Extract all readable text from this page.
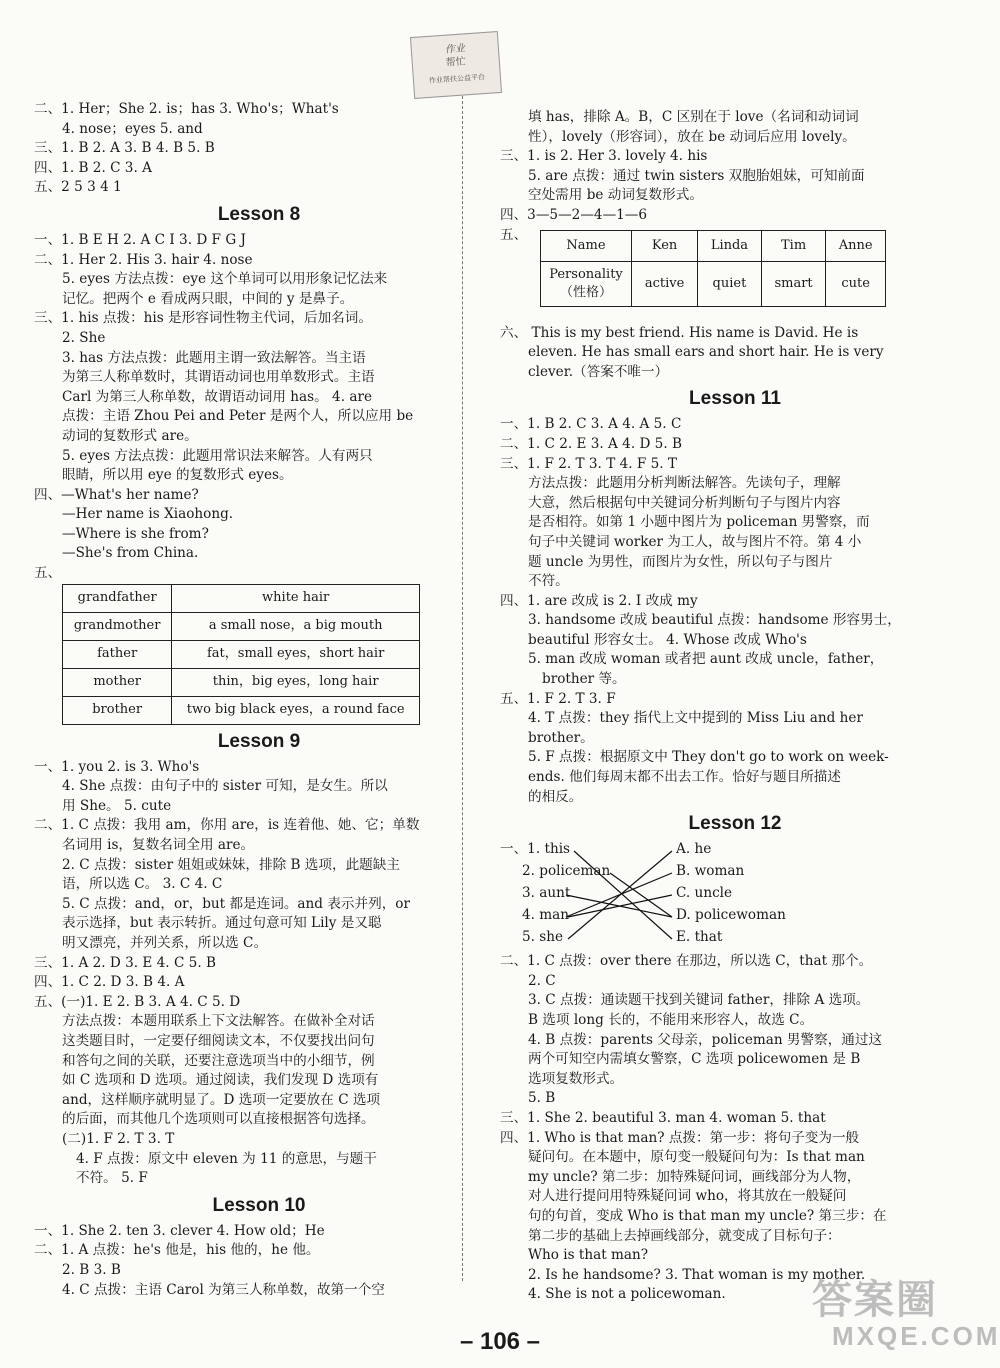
作业
帮忙
作业帮扶公益平台
二、1. Her；She 2. is；has 3. Who's；What's
4. nose；eyes 5. and
三、1. B 2. A 3. B 4. B 5. B
四、1. B 2. C 3. A
五、2 5 3 4 1
Lesson 8
一、1. B E H 2. A C I 3. D F G J
二、1. Her 2. His 3. hair 4. nose
5. eyes 方法点拨：eye 这个单词可以用形象记忆法来
记忆。把两个 e 看成两只眼，中间的 y 是鼻子。
三、1. his 点拨：his 是形容词性物主代词，后加名词。
2. She
3. has 方法点拨：此题用主谓一致法解答。当主语
为第三人称单数时，其谓语动词也用单数形式。主语
Carl 为第三人称单数，故谓语动词用 has。 4. are
点拨：主语 Zhou Pei and Peter 是两个人，所以应用 be
动词的复数形式 are。
5. eyes 方法点拨：此题用常识法来解答。人有两只
眼睛，所以用 eye 的复数形式 eyes。
四、—What's her name?
—Her name is Xiaohong.
—Where is she from?
—She's from China.
五、
grandfather	white hair
grandmother	a small nose，a big mouth
father	fat，small eyes，short hair
mother	thin，big eyes，long hair
brother	two big black eyes，a round face
Lesson 9
一、1. you 2. is 3. Who's
4. She 点拨：由句子中的 sister 可知，是女生。所以
用 She。 5. cute
二、1. C 点拨：我用 am，你用 are，is 连着他、她、它；单数
名词用 is，复数名词全用 are。
2. C 点拨：sister 姐姐或妹妹，排除 B 选项，此题缺主
语，所以选 C。 3. C 4. C
5. C 点拨：and，or，but 都是连词。and 表示并列，or
表示选择，but 表示转折。通过句意可知 Lily 是又聪
明又漂亮，并列关系，所以选 C。
三、1. A 2. D 3. E 4. C 5. B
四、1. C 2. D 3. B 4. A
五、(一)1. E 2. B 3. A 4. C 5. D
方法点拨：本题用联系上下文法解答。在做补全对话
这类题目时，一定要仔细阅读文本，不仅要找出问句
和答句之间的关联，还要注意选项当中的小细节，例
如 C 选项和 D 选项。通过阅读，我们发现 D 选项有
and，这样顺序就明显了。D 选项一定要放在 C 选项
的后面，而其他几个选项则可以直接根据答句选择。
(二)1. F 2. T 3. T
4. F 点拨：原文中 eleven 为 11 的意思，与题干
不符。 5. F
Lesson 10
一、1. She 2. ten 3. clever 4. How old；He
二、1. A 点拨：he's 他是，his 他的，he 他。
2. B 3. B
4. C 点拨：主语 Carol 为第三人称单数，故第一个空
填 has，排除 A。B，C 区别在于 love（名词和动词词
性），lovely（形容词），放在 be 动词后应用 lovely。
三、1. is 2. Her 3. lovely 4. his
5. are 点拨：通过 twin sisters 双胞胎姐妹，可知前面
空处需用 be 动词复数形式。
四、3—5—2—4—1—6
五、
Name	Ken	Linda	Tim	Anne
Personality（性格）	active	quiet	smart	cute
六、 This is my best friend. His name is David. He is
eleven. He has small ears and short hair. He is very
clever.（答案不唯一）
Lesson 11
一、1. B 2. C 3. A 4. A 5. C
二、1. C 2. E 3. A 4. D 5. B
三、1. F 2. T 3. T 4. F 5. T
方法点拨：此题用分析判断法解答。先读句子，理解
大意，然后根据句中关键词分析判断句子与图片内容
是否相符。如第 1 小题中图片为 policeman 男警察，而
句子中关键词 worker 为工人，故与图片不符。第 4 小
题 uncle 为男性，而图片为女性，所以句子与图片
不符。
四、1. are 改成 is 2. I 改成 my
3. handsome 改成 beautiful 点拨：handsome 形容男士，
beautiful 形容女士。 4. Whose 改成 Who's
5. man 改成 woman 或者把 aunt 改成 uncle，father，
brother 等。
五、1. F 2. T 3. F
4. T 点拨：they 指代上文中提到的 Miss Liu and her
brother。
5. F 点拨：根据原文中 They don't go to work on week-
ends. 他们每周末都不出去工作。恰好与题目所描述
的相反。
Lesson 12
一、1. this
2. policeman
3. aunt
4. man
5. she
A. he
B. woman
C. uncle
D. policewoman
E. that
二、1. C 点拨：over there 在那边，所以选 C，that 那个。
2. C
3. C 点拨：通读题干找到关键词 father，排除 A 选项。
B 选项 long 长的，不能用来形容人，故选 C。
4. B 点拨：parents 父母亲，policeman 男警察，通过这
两个可知空内需填女警察，C 选项 policewomen 是 B
选项复数形式。
5. B
三、1. She 2. beautiful 3. man 4. woman 5. that
四、1. Who is that man? 点拨：第一步：将句子变为一般
疑问句。在本题中，原句变一般疑问句为：Is that man
my uncle? 第二步：加特殊疑问词，画线部分为人物，
对人进行提问用特殊疑问词 who，将其放在一般疑问
句的句首，变成 Who is that man my uncle? 第三步：在
第二步的基础上去掉画线部分，就变成了目标句子：
Who is that man?
2. Is he handsome? 3. That woman is my mother.
4. She is not a policewoman.
– 106 –
答案圈
MXQE.COM
